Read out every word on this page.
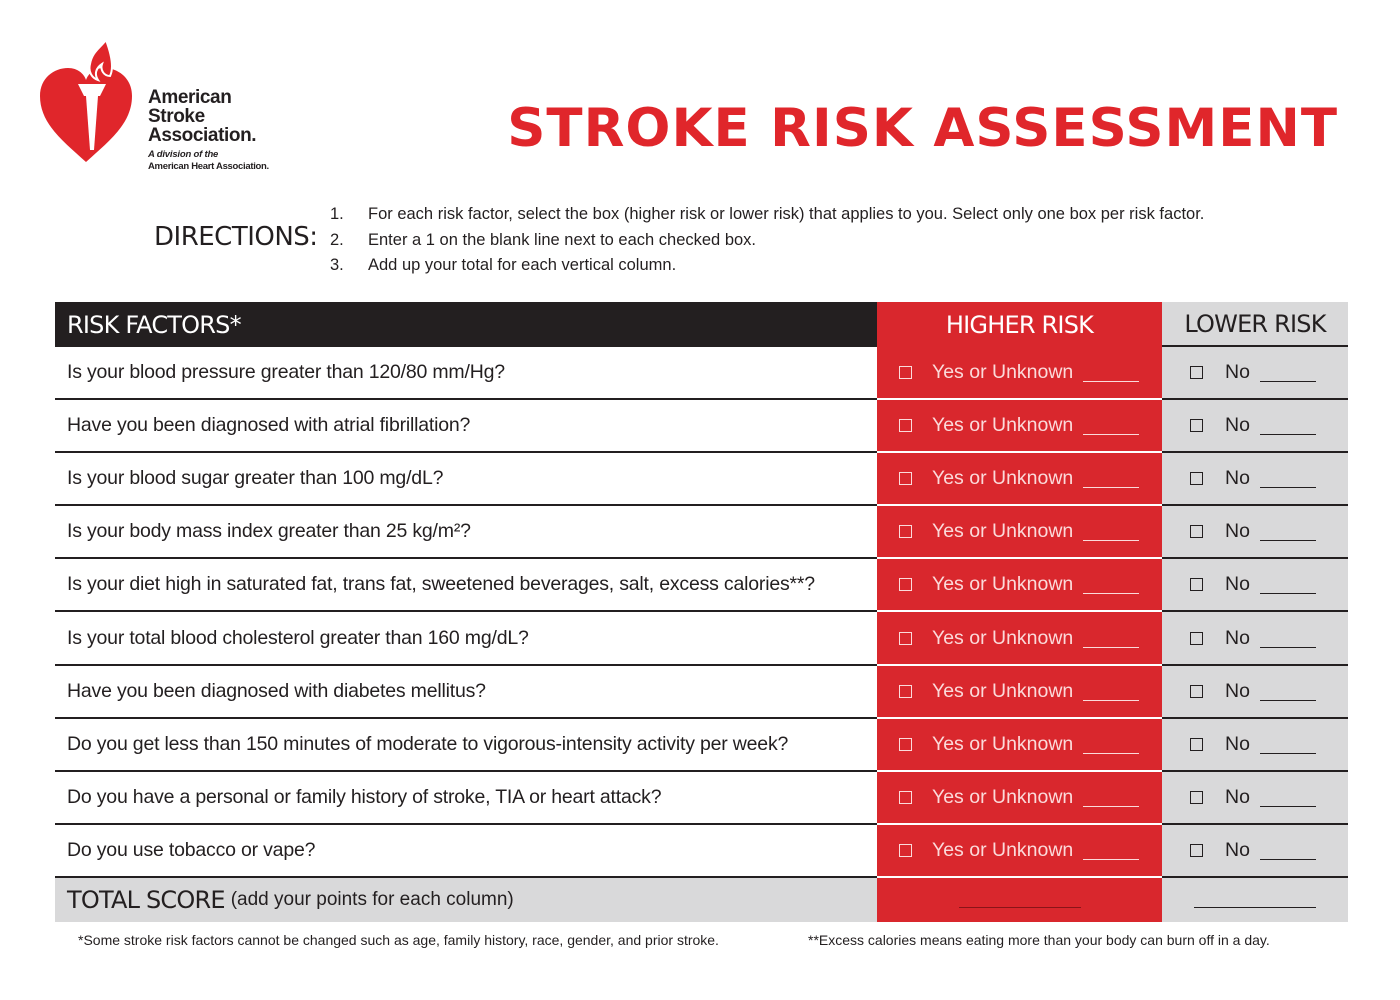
American
Stroke
Association.
A division of the
American Heart Association.
STROKE RISK ASSESSMENT
DIRECTIONS:
1.	For each risk factor, select the box (higher risk or lower risk) that applies to you. Select only one box per risk factor.
2.	Enter a 1 on the blank line next to each checked box.
3.	Add up your total for each vertical column.
RISK FACTORS*	HIGHER RISK	LOWER RISK
Is your blood pressure greater than 120/80 mm/Hg?	Yes or Unknown	No
Have you been diagnosed with atrial fibrillation?	Yes or Unknown	No
Is your blood sugar greater than 100 mg/dL?	Yes or Unknown	No
Is your body mass index greater than 25 kg/m²?	Yes or Unknown	No
Is your diet high in saturated fat, trans fat, sweetened beverages, salt, excess calories**?	Yes or Unknown	No
Is your total blood cholesterol greater than 160 mg/dL?	Yes or Unknown	No
Have you been diagnosed with diabetes mellitus?	Yes or Unknown	No
Do you get less than 150 minutes of moderate to vigorous-intensity activity per week?	Yes or Unknown	No
Do you have a personal or family history of stroke, TIA or heart attack?	Yes or Unknown	No
Do you use tobacco or vape?	Yes or Unknown	No
TOTAL SCORE (add your points for each column)
*Some stroke risk factors cannot be changed such as age, family history, race, gender, and prior stroke.	**Excess calories means eating more than your body can burn off in a day.
